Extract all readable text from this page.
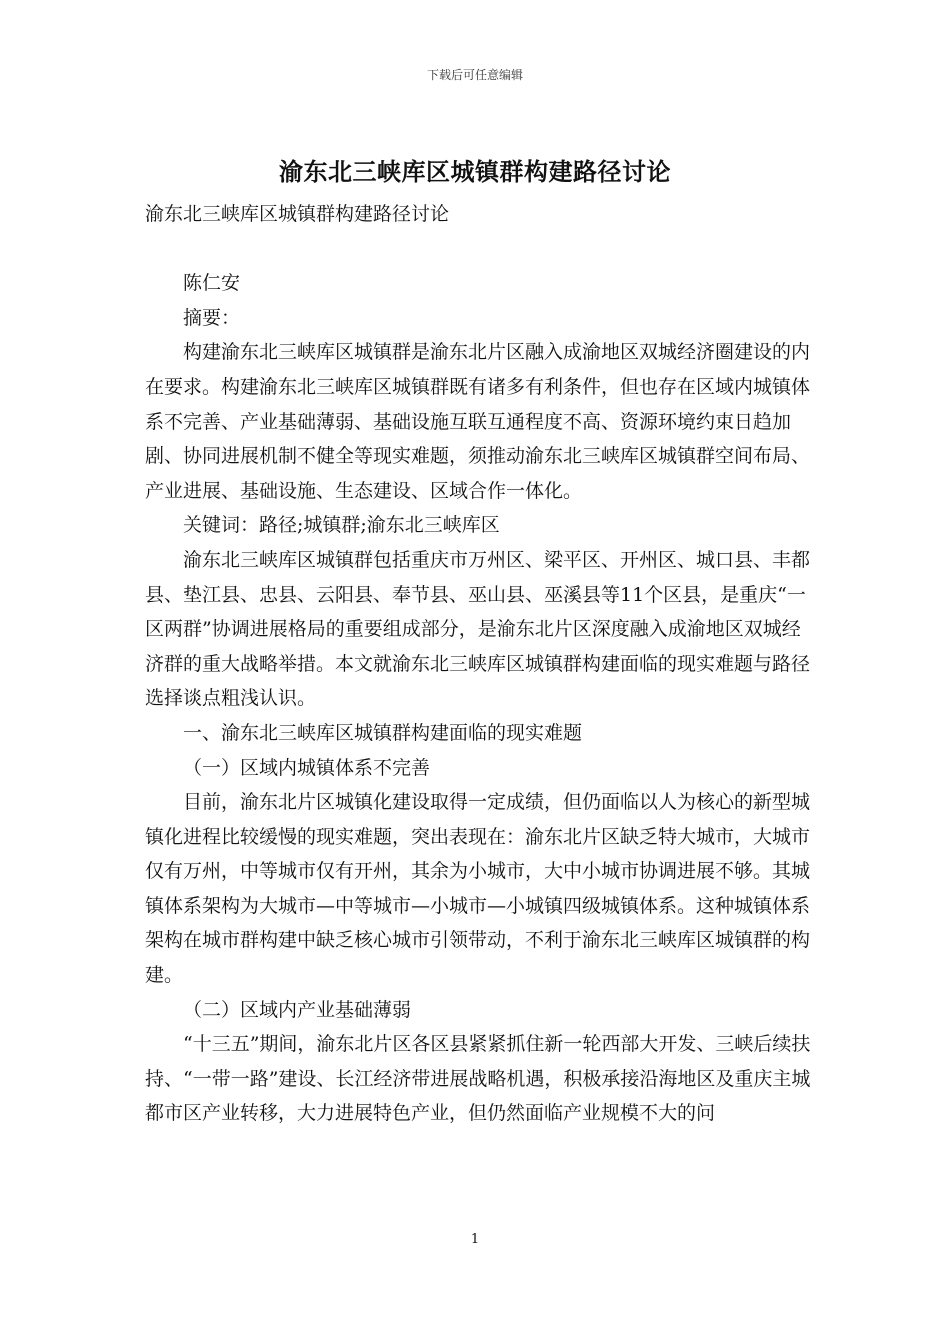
下载后可任意编辑
渝东北三峡库区城镇群构建路径讨论

渝东北三峡库区城镇群构建路径讨论

陈仁安

摘要：

构建渝东北三峡库区城镇群是渝东北片区融入成渝地区双城经济圈建设的内在要求。构建渝东北三峡库区城镇群既有诸多有利条件，但也存在区域内城镇体系不完善、产业基础薄弱、基础设施互联互通程度不高、资源环境约束日趋加剧、协同进展机制不健全等现实难题，须推动渝东北三峡库区城镇群空间布局、产业进展、基础设施、生态建设、区域合作一体化。

关键词：路径;城镇群;渝东北三峡库区

渝东北三峡库区城镇群包括重庆市万州区、梁平区、开州区、城口县、丰都县、垫江县、忠县、云阳县、奉节县、巫山县、巫溪县等11个区县，是重庆“一区两群”协调进展格局的重要组成部分，是渝东北片区深度融入成渝地区双城经济群的重大战略举措。本文就渝东北三峡库区城镇群构建面临的现实难题与路径选择谈点粗浅认识。

一、渝东北三峡库区城镇群构建面临的现实难题

（一）区域内城镇体系不完善

目前，渝东北片区城镇化建设取得一定成绩，但仍面临以人为核心的新型城镇化进程比较缓慢的现实难题，突出表现在：渝东北片区缺乏特大城市，大城市仅有万州，中等城市仅有开州，其余为小城市，大中小城市协调进展不够。其城镇体系架构为大城市—中等城市—小城市—小城镇四级城镇体系。这种城镇体系架构在城市群构建中缺乏核心城市引领带动，不利于渝东北三峡库区城镇群的构建。

（二）区域内产业基础薄弱

“十三五”期间，渝东北片区各区县紧紧抓住新一轮西部大开发、三峡后续扶持、“一带一路”建设、长江经济带进展战略机遇，积极承接沿海地区及重庆主城都市区产业转移，大力进展特色产业，但仍然面临产业规模不大的问

1
